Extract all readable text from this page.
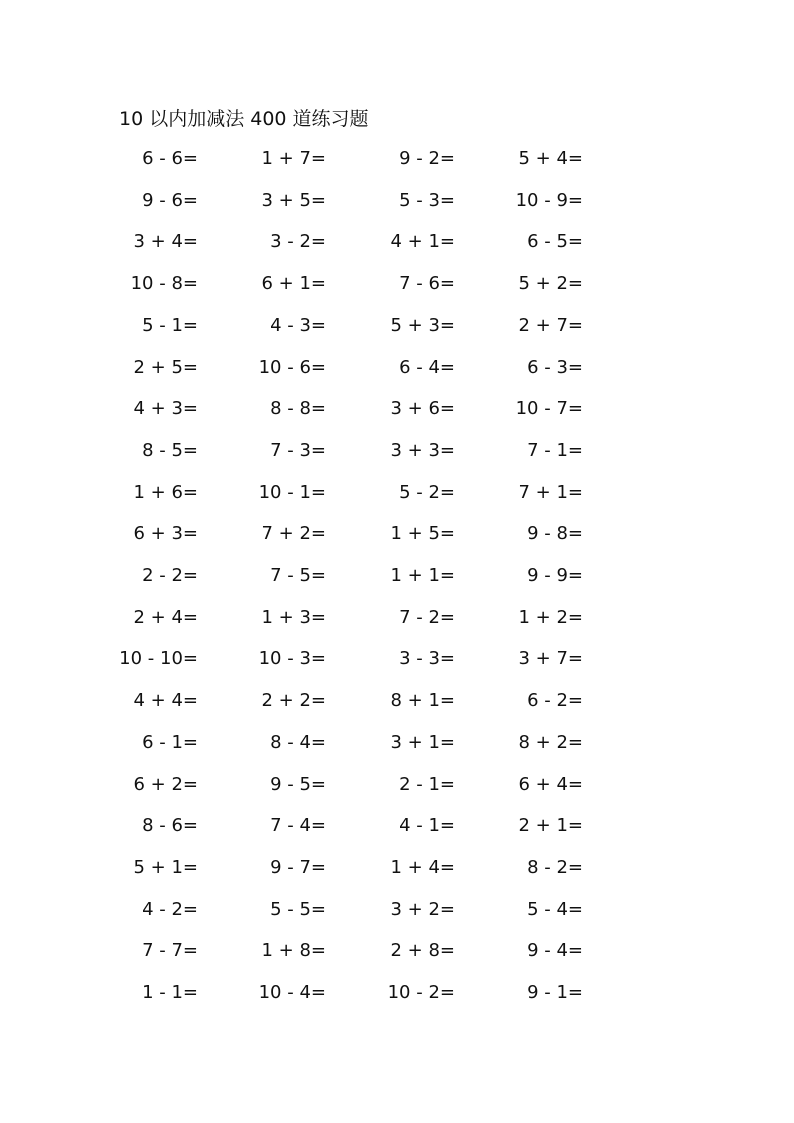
10 以内加减法 400 道练习题
6 - 6=	1 + 7=	9 - 2=	5 + 4=
9 - 6=	3 + 5=	5 - 3=	10 - 9=
3 + 4=	3 - 2=	4 + 1=	6 - 5=
10 - 8=	6 + 1=	7 - 6=	5 + 2=
5 - 1=	4 - 3=	5 + 3=	2 + 7=
2 + 5=	10 - 6=	6 - 4=	6 - 3=
4 + 3=	8 - 8=	3 + 6=	10 - 7=
8 - 5=	7 - 3=	3 + 3=	7 - 1=
1 + 6=	10 - 1=	5 - 2=	7 + 1=
6 + 3=	7 + 2=	1 + 5=	9 - 8=
2 - 2=	7 - 5=	1 + 1=	9 - 9=
2 + 4=	1 + 3=	7 - 2=	1 + 2=
10 - 10=	10 - 3=	3 - 3=	3 + 7=
4 + 4=	2 + 2=	8 + 1=	6 - 2=
6 - 1=	8 - 4=	3 + 1=	8 + 2=
6 + 2=	9 - 5=	2 - 1=	6 + 4=
8 - 6=	7 - 4=	4 - 1=	2 + 1=
5 + 1=	9 - 7=	1 + 4=	8 - 2=
4 - 2=	5 - 5=	3 + 2=	5 - 4=
7 - 7=	1 + 8=	2 + 8=	9 - 4=
1 - 1=	10 - 4=	10 - 2=	9 - 1=
